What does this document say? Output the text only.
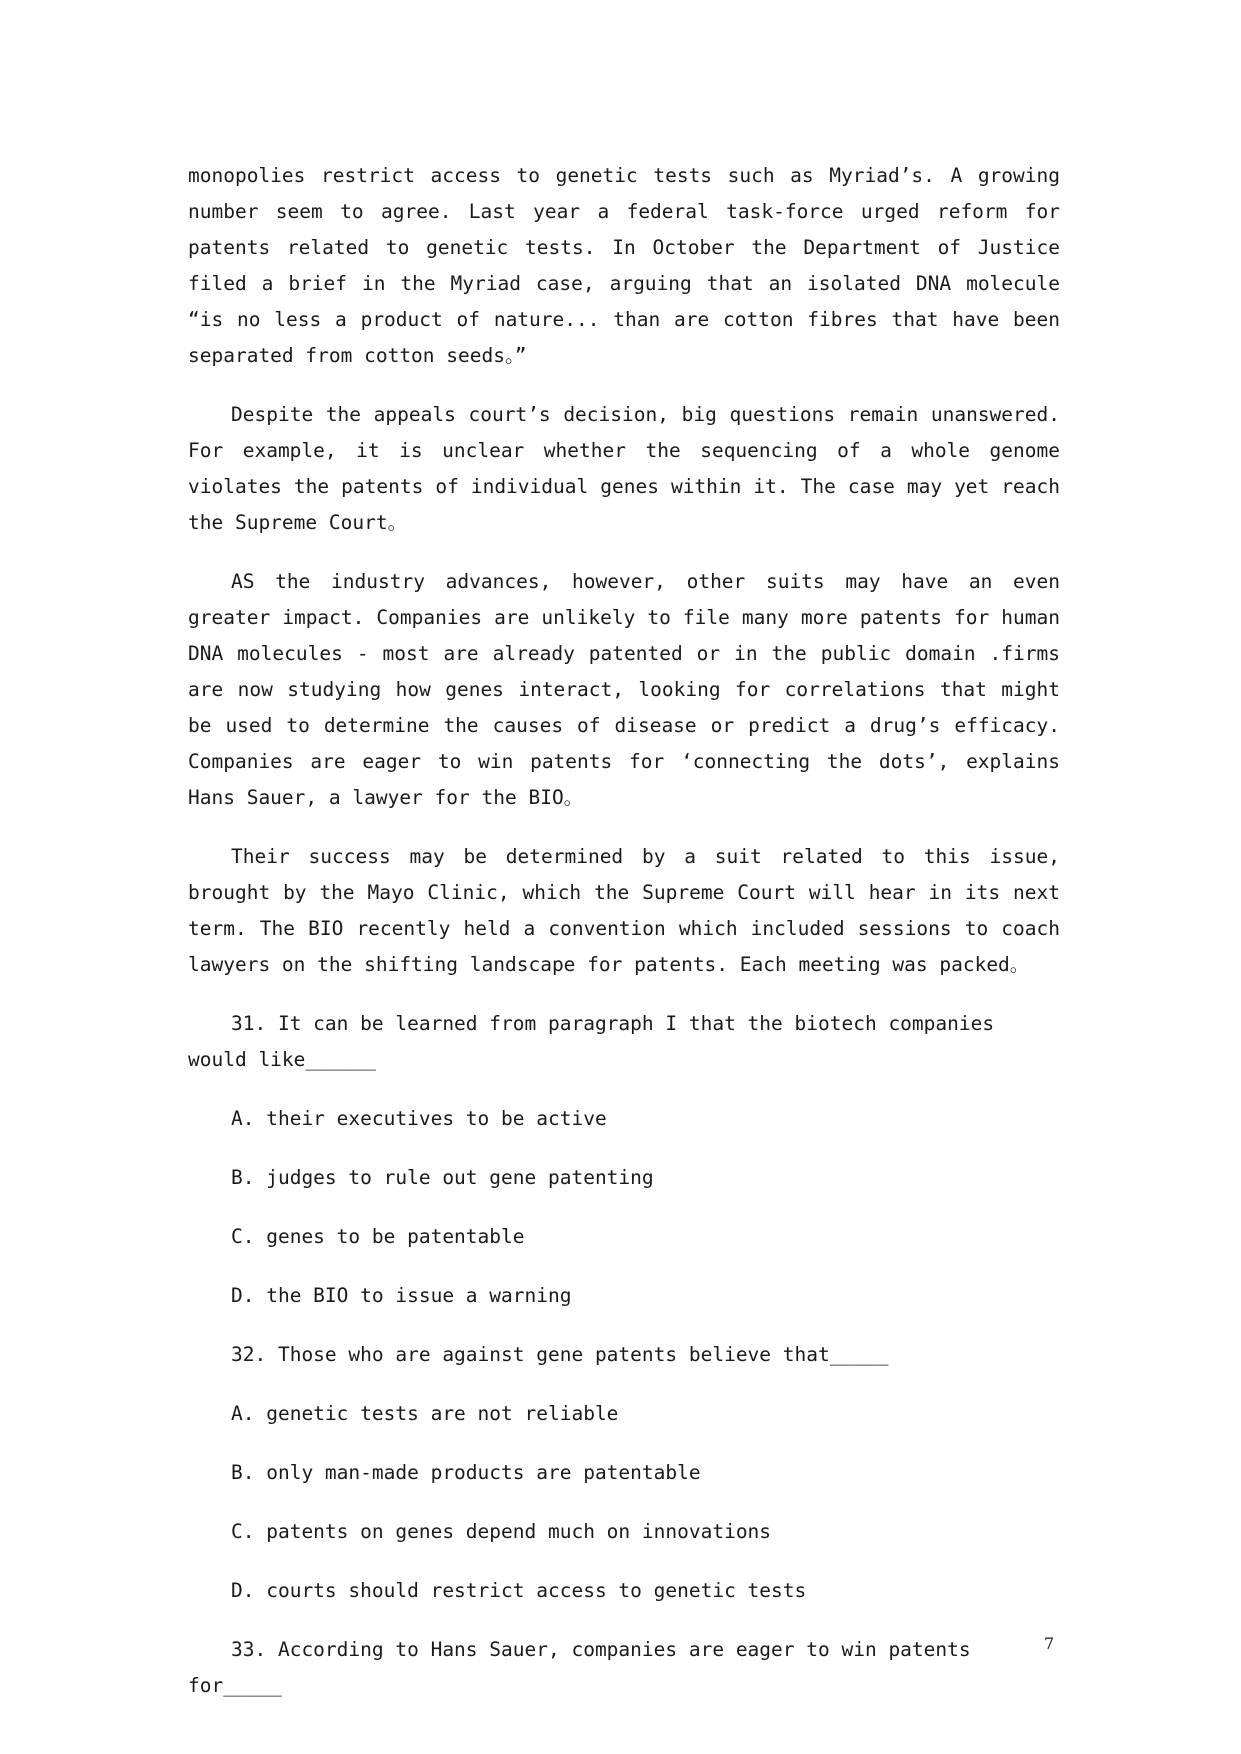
monopolies restrict access to genetic tests such as Myriad’s. A growing number seem to agree. Last year a federal task-force urged reform for patents related to genetic tests. In October the Department of Justice filed a brief in the Myriad case, arguing that an isolated DNA molecule “is no less a product of nature... than are cotton fibres that have been separated from cotton seeds。”

Despite the appeals court’s decision, big questions remain unanswered. For example, it is unclear whether the sequencing of a whole genome violates the patents of individual genes within it. The case may yet reach the Supreme Court。

AS the industry advances, however, other suits may have an even greater impact. Companies are unlikely to file many more patents for human DNA molecules - most are already patented or in the public domain .firms are now studying how genes interact, looking for correlations that might be used to determine the causes of disease or predict a drug’s efficacy. Companies are eager to win patents for ‘connecting the dots’, explains Hans Sauer, a lawyer for the BIO。

Their success may be determined by a suit related to this issue, brought by the Mayo Clinic, which the Supreme Court will hear in its next term. The BIO recently held a convention which included sessions to coach lawyers on the shifting landscape for patents. Each meeting was packed。

31. It can be learned from paragraph I that the biotech companies would like______

A. their executives to be active

B. judges to rule out gene patenting

C. genes to be patentable

D. the BIO to issue a warning

32. Those who are against gene patents believe that_____

A. genetic tests are not reliable

B. only man-made products are patentable

C. patents on genes depend much on innovations

D. courts should restrict access to genetic tests

33. According to Hans Sauer, companies are eager to win patents for_____

7
